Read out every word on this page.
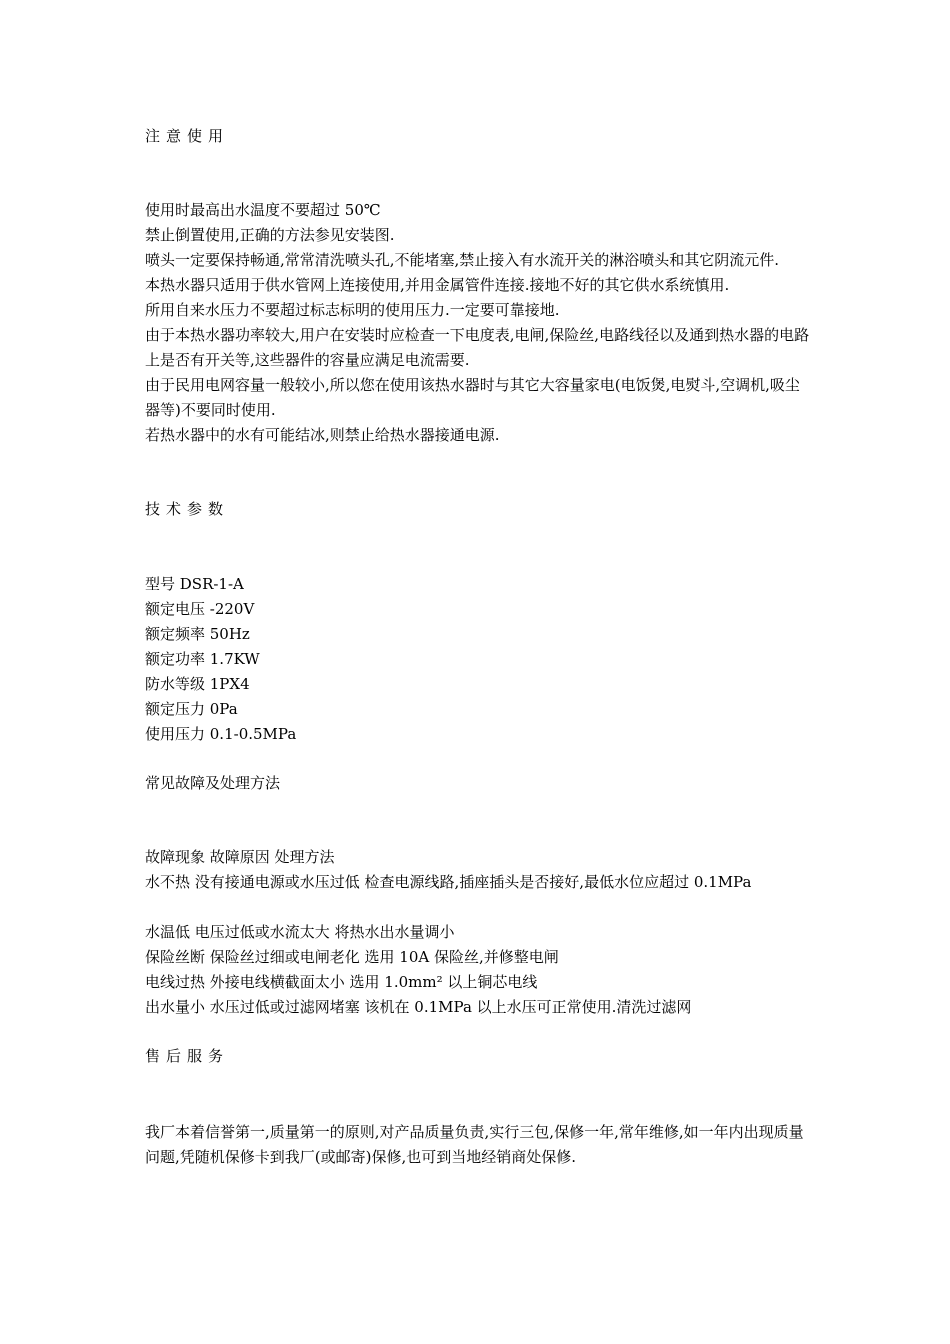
注意使用
使用时最高出水温度不要超过 50℃
禁止倒置使用,正确的方法参见安装图.
喷头一定要保持畅通,常常清洗喷头孔,不能堵塞,禁止接入有水流开关的淋浴喷头和其它阴流元件.
本热水器只适用于供水管网上连接使用,并用金属管件连接.接地不好的其它供水系统慎用.
所用自来水压力不要超过标志标明的使用压力.一定要可靠接地.
由于本热水器功率较大,用户在安装时应检查一下电度表,电闸,保险丝,电路线径以及通到热水器的电路上是否有开关等,这些器件的容量应满足电流需要.
由于民用电网容量一般较小,所以您在使用该热水器时与其它大容量家电(电饭煲,电熨斗,空调机,吸尘器等)不要同时使用.
若热水器中的水有可能结冰,则禁止给热水器接通电源.
技术参数
型号 DSR-1-A
额定电压 -220V
额定频率 50Hz
额定功率 1.7KW
防水等级 1PX4
额定压力 0Pa
使用压力 0.1-0.5MPa
常见故障及处理方法
故障现象 故障原因 处理方法
水不热 没有接通电源或水压过低 检查电源线路,插座插头是否接好,最低水位应超过 0.1MPa
水温低 电压过低或水流太大 将热水出水量调小
保险丝断 保险丝过细或电闸老化 选用 10A 保险丝,并修整电闸
电线过热 外接电线横截面太小 选用 1.0mm² 以上铜芯电线
出水量小 水压过低或过滤网堵塞 该机在 0.1MPa 以上水压可正常使用.清洗过滤网
售后服务
我厂本着信誉第一,质量第一的原则,对产品质量负责,实行三包,保修一年,常年维修,如一年内出现质量问题,凭随机保修卡到我厂(或邮寄)保修,也可到当地经销商处保修.
